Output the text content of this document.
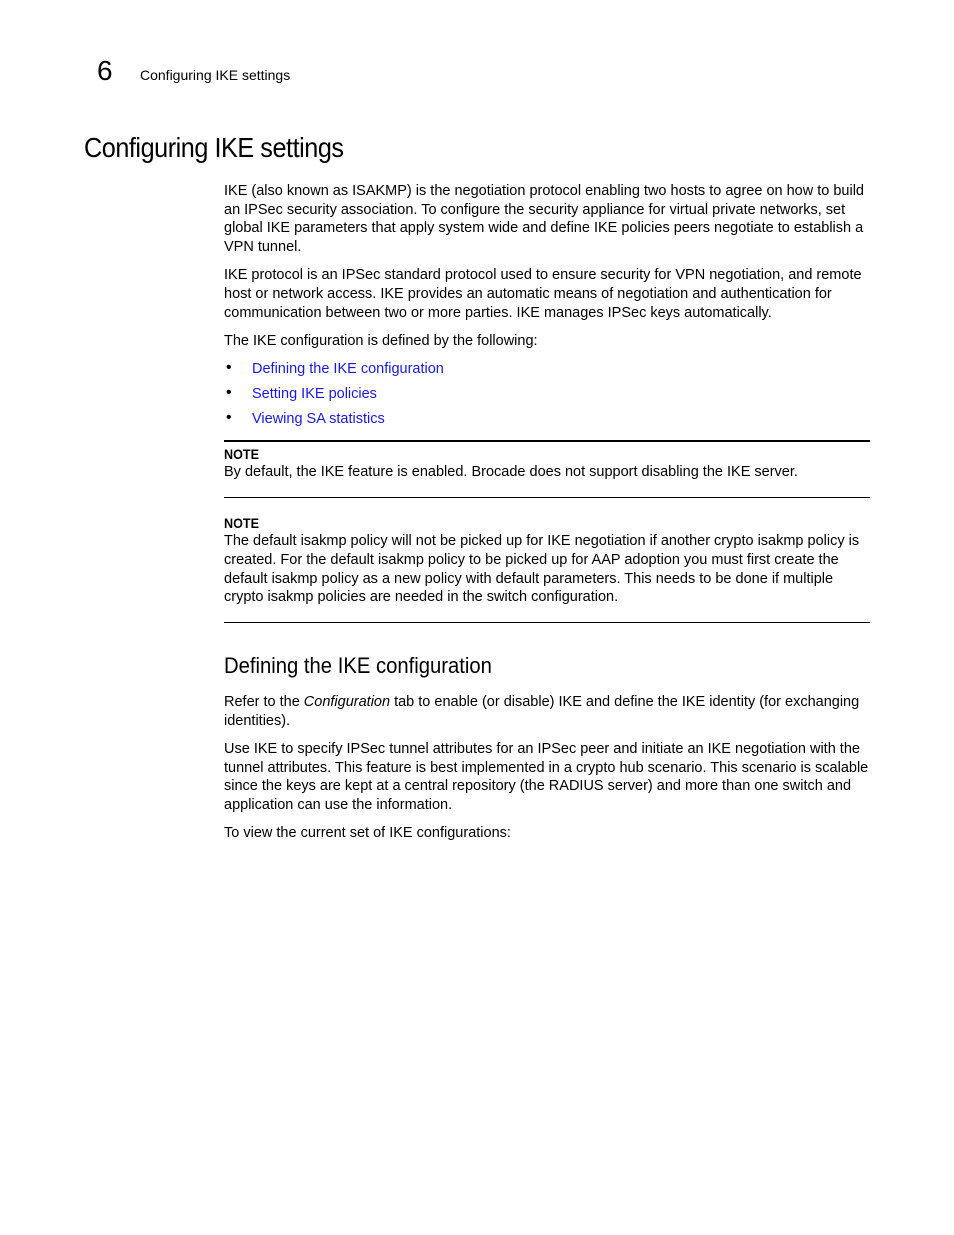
6 Configuring IKE settings
Configuring IKE settings

IKE (also known as ISAKMP) is the negotiation protocol enabling two hosts to agree on how to build an IPSec security association. To configure the security appliance for virtual private networks, set global IKE parameters that apply system wide and define IKE policies peers negotiate to establish a VPN tunnel.

IKE protocol is an IPSec standard protocol used to ensure security for VPN negotiation, and remote host or network access. IKE provides an automatic means of negotiation and authentication for communication between two or more parties. IKE manages IPSec keys automatically.

The IKE configuration is defined by the following:

• Defining the IKE configuration
• Setting IKE policies
• Viewing SA statistics
NOTE

By default, the IKE feature is enabled. Brocade does not support disabling the IKE server.

NOTE

The default isakmp policy will not be picked up for IKE negotiation if another crypto isakmp policy is created. For the default isakmp policy to be picked up for AAP adoption you must first create the default isakmp policy as a new policy with default parameters. This needs to be done if multiple crypto isakmp policies are needed in the switch configuration.

Defining the IKE configuration

Refer to the Configuration tab to enable (or disable) IKE and define the IKE identity (for exchanging identities).

Use IKE to specify IPSec tunnel attributes for an IPSec peer and initiate an IKE negotiation with the tunnel attributes. This feature is best implemented in a crypto hub scenario. This scenario is scalable since the keys are kept at a central repository (the RADIUS server) and more than one switch and application can use the information.

To view the current set of IKE configurations:
